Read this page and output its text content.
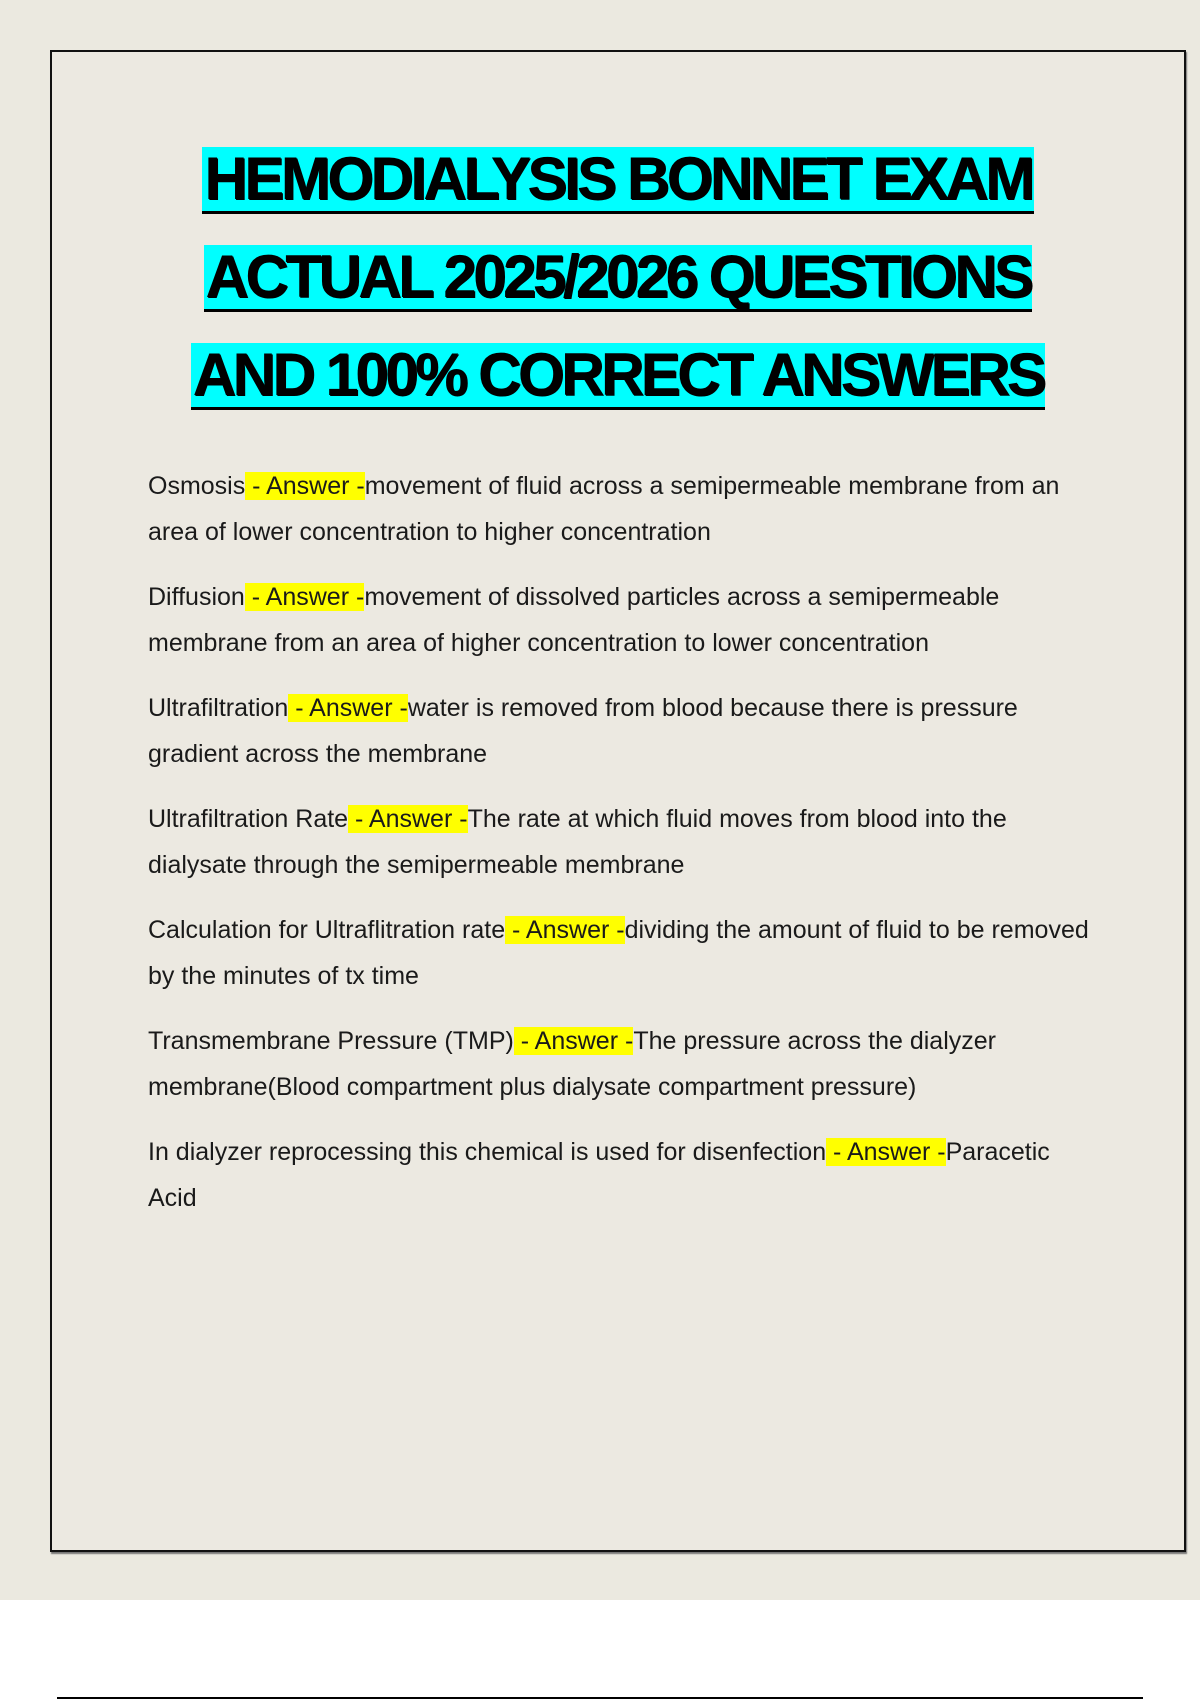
HEMODIALYSIS BONNET EXAM
ACTUAL 2025/2026 QUESTIONS
AND 100% CORRECT ANSWERS
Osmosis - Answer -movement of fluid across a semipermeable membrane from an area of lower concentration to higher concentration
Diffusion - Answer -movement of dissolved particles across a semipermeable membrane from an area of higher concentration to lower concentration
Ultrafiltration - Answer -water is removed from blood because there is pressure gradient across the membrane
Ultrafiltration Rate - Answer -The rate at which fluid moves from blood into the dialysate through the semipermeable membrane
Calculation for Ultraflitration rate - Answer -dividing the amount of fluid to be removed by the minutes of tx time
Transmembrane Pressure (TMP) - Answer -The pressure across the dialyzer membrane(Blood compartment plus dialysate compartment pressure)
In dialyzer reprocessing this chemical is used for disenfection - Answer -Paracetic Acid
